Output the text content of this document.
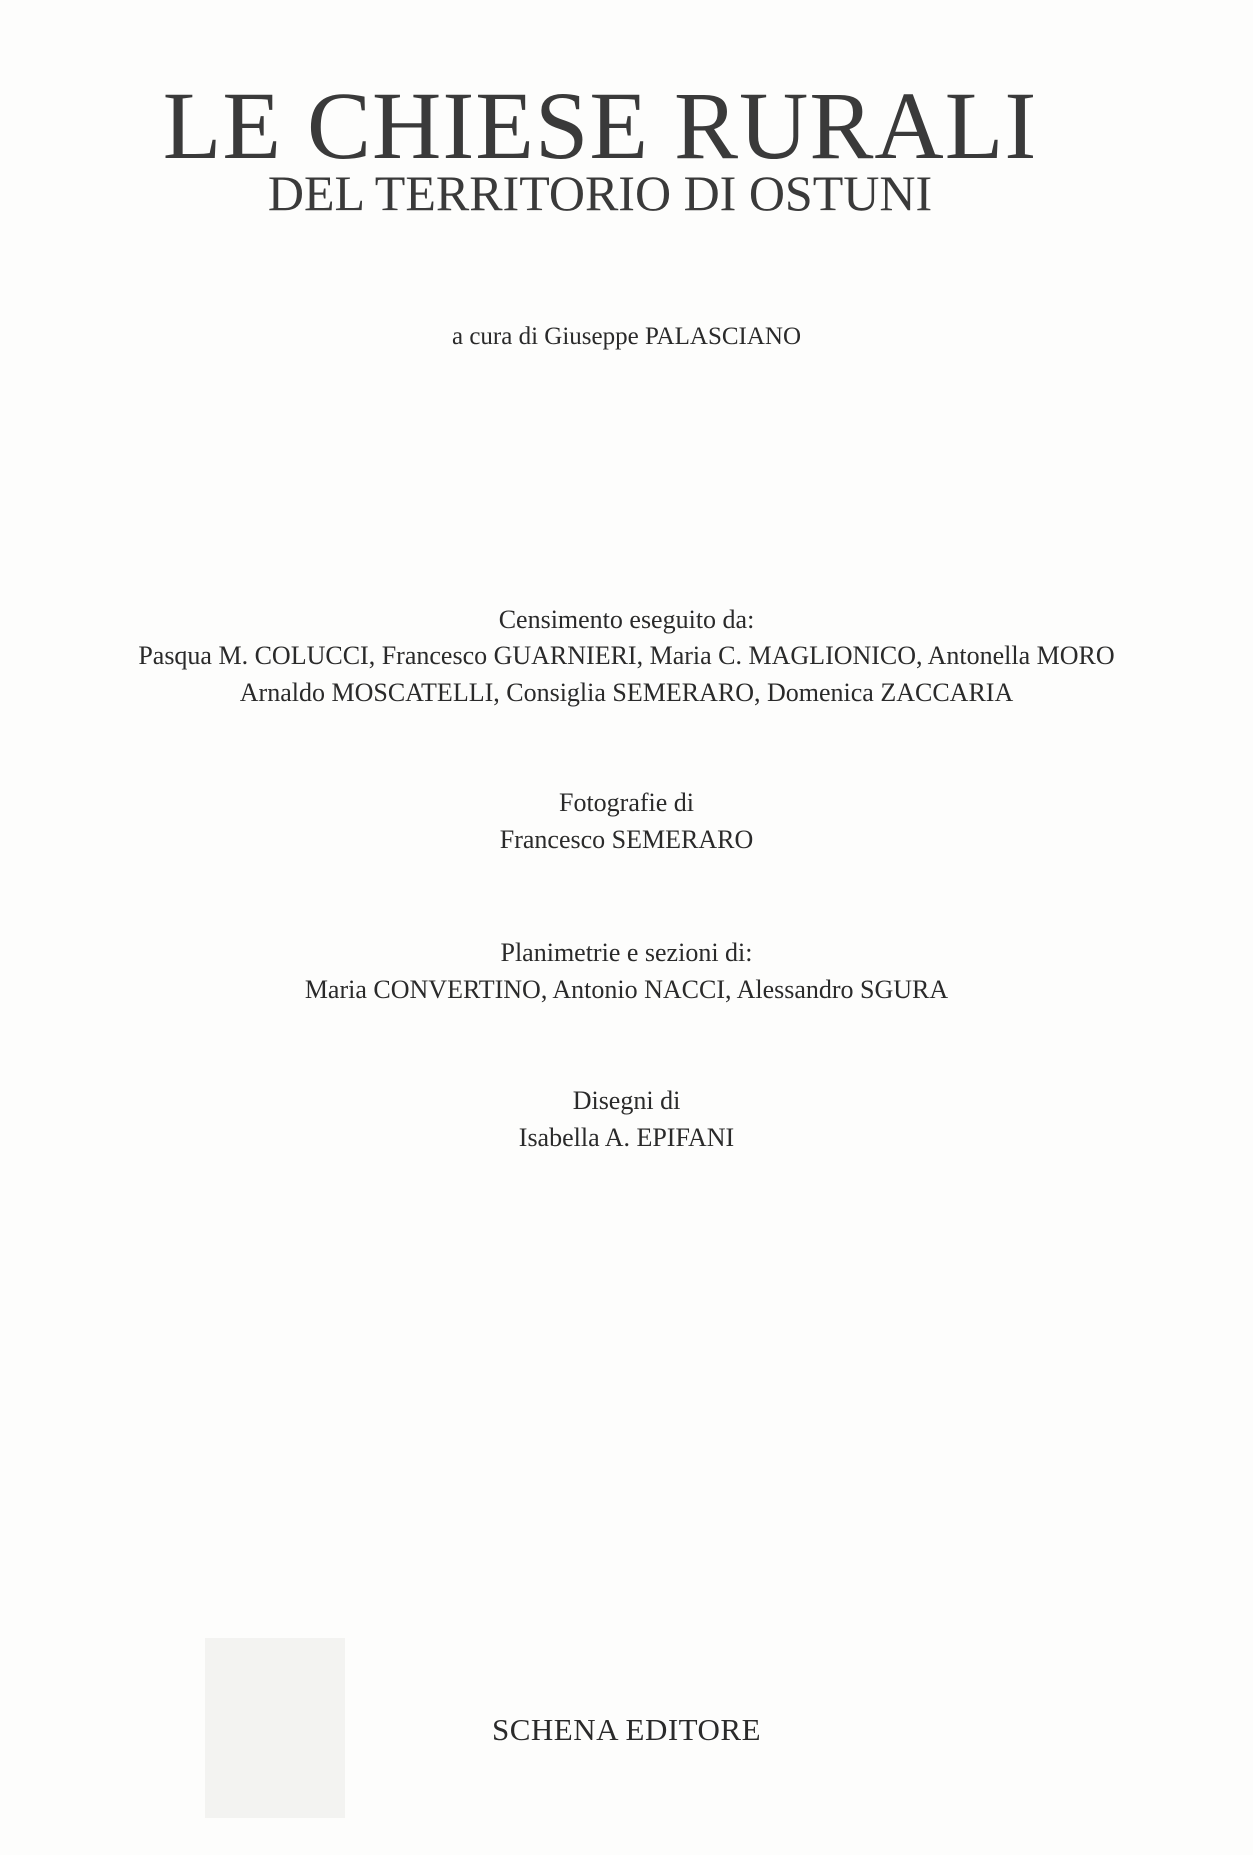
LE CHIESE RURALI
DEL TERRITORIO DI OSTUNI
a cura di Giuseppe PALASCIANO
Censimento eseguito da:
Pasqua M. COLUCCI, Francesco GUARNIERI, Maria C. MAGLIONICO, Antonella MORO
Arnaldo MOSCATELLI, Consiglia SEMERARO, Domenica ZACCARIA
Fotografie di
Francesco SEMERARO
Planimetrie e sezioni di:
Maria CONVERTINO, Antonio NACCI, Alessandro SGURA
Disegni di
Isabella A. EPIFANI
SCHENA EDITORE
